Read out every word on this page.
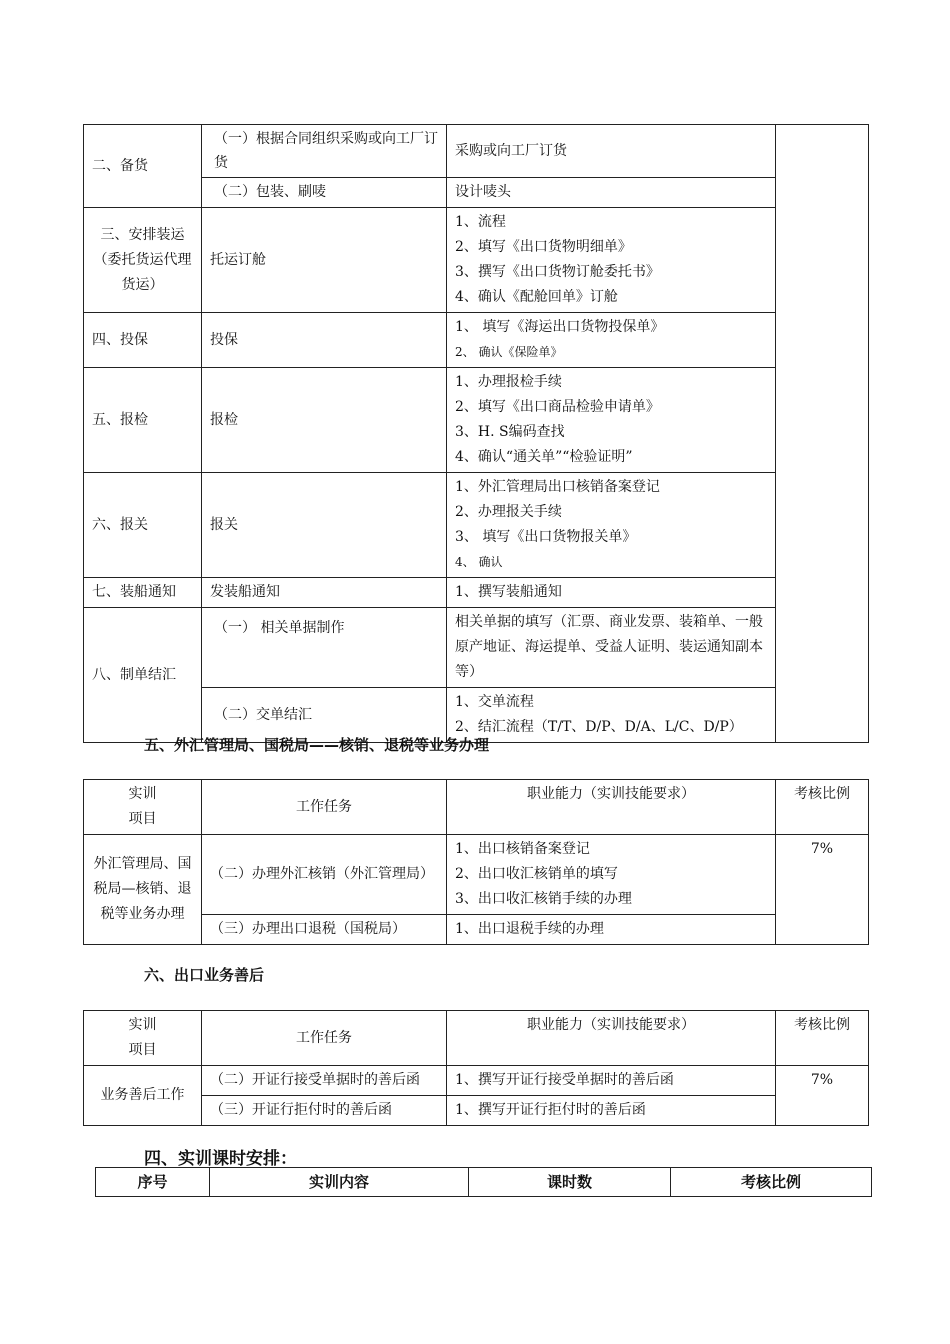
二、备货	（一）根据合同组织采购或向工厂订货	采购或向工厂订货	
	（二）包装、刷唛	设计唛头	
三、安排装运（委托货运代理货运）	托运订舱	1、流程
2、填写《出口货物明细单》
3、撰写《出口货物订舱委托书》
4、确认《配舱回单》订舱	

四、投保	投保	1、 填写《海运出口货物投保单》
2、 确认《保险单》	

五、报检	报检	1、办理报检手续
2、填写《出口商品检验申请单》
3、H. S编码查找
4、确认“通关单”“检验证明”	

六、报关	报关	1、外汇管理局出口核销备案登记
2、办理报关手续
3、 填写《出口货物报关单》
4、 确认	

七、装船通知	发装船通知	1、撰写装船通知	
八、制单结汇	（一） 相关单据制作	相关单据的填写（汇票、商业发票、装箱单、一般原产地证、海运提单、受益人证明、装运通知副本等）	

	（二）交单结汇	1、交单流程
2、结汇流程（T/T、D/P、D/A、L/C、D/P）	
五、外汇管理局、国税局——核销、退税等业务办理
实训项目	工作任务	职业能力（实训技能要求）	考核比例
外汇管理局、国税局—核销、退税等业务办理	（二）办理外汇核销（外汇管理局）	1、出口核销备案登记
2、出口收汇核销单的填写
3、出口收汇核销手续的办理	7%
	（三）办理出口退税（国税局）	1、出口退税手续的办理	
六、出口业务善后
实训项目	工作任务	职业能力（实训技能要求）	考核比例
业务善后工作	（二）开证行接受单据时的善后函	1、撰写开证行接受单据时的善后函	7%
	（三）开证行拒付时的善后函	1、撰写开证行拒付时的善后函	
四、实训课时安排：
序号	实训内容	课时数	考核比例
